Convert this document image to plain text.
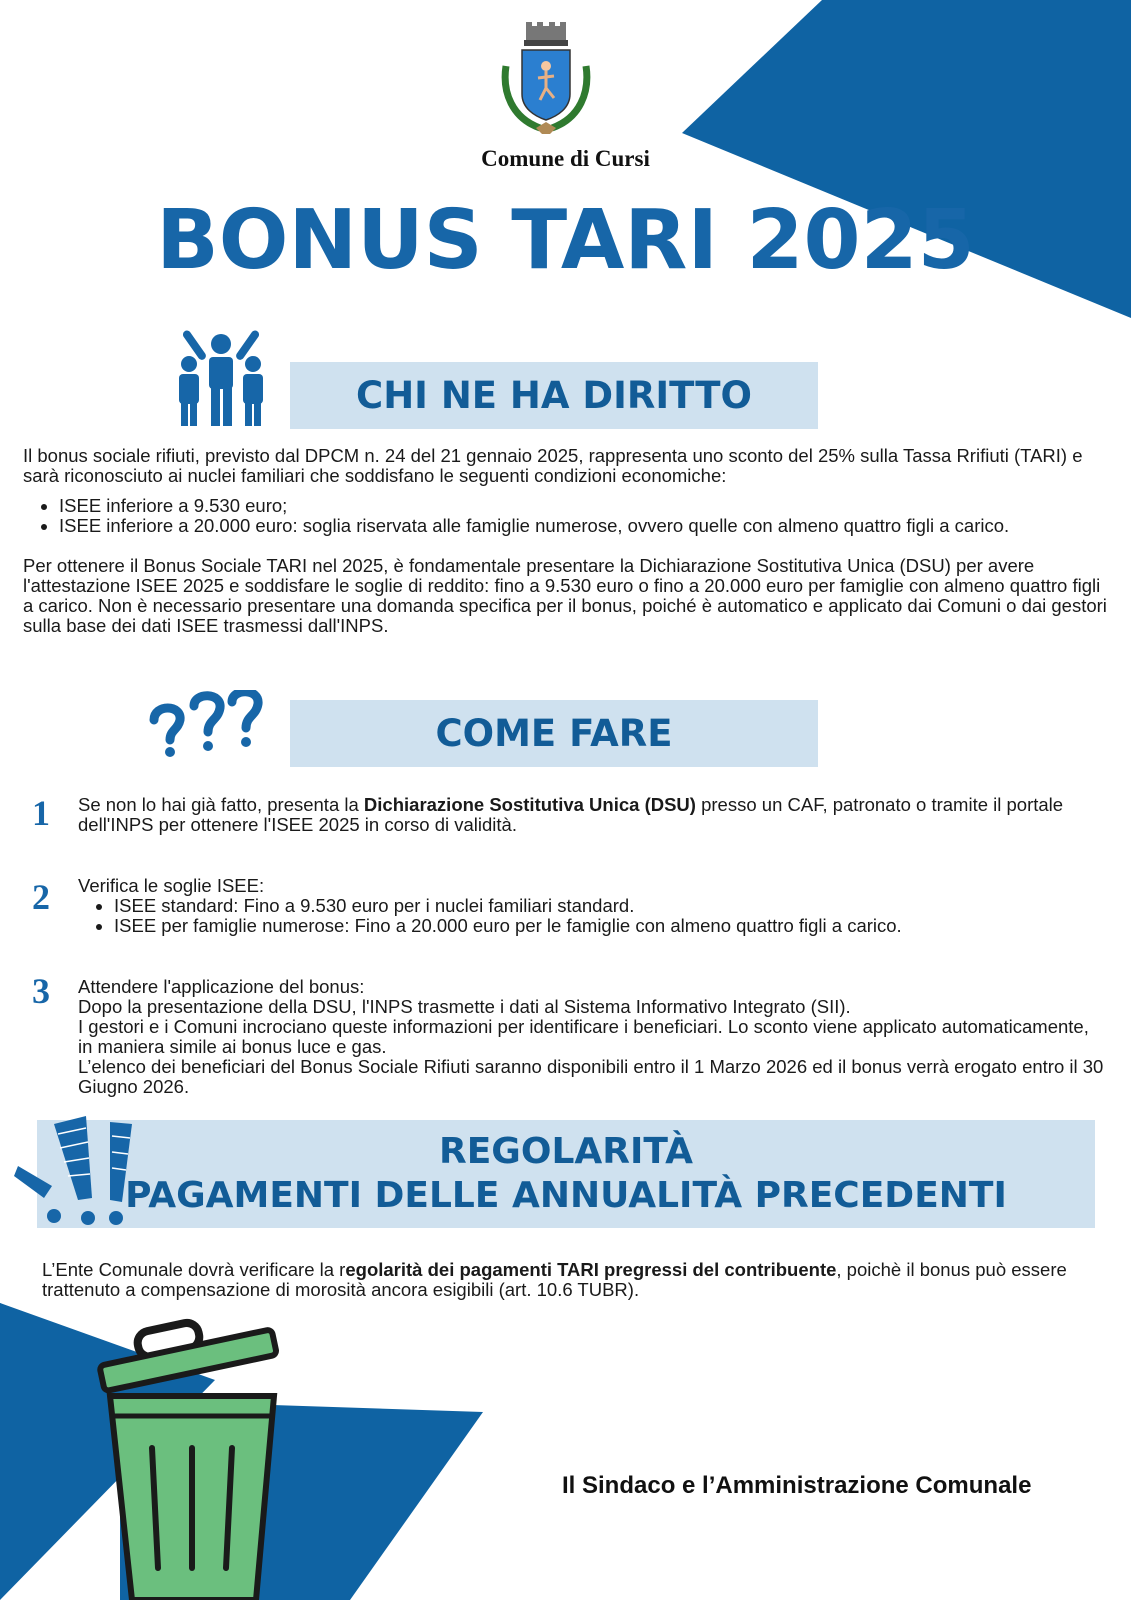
Comune di Cursi
BONUS TARI 2025
CHI NE HA DIRITTO

Il bonus sociale rifiuti, previsto dal DPCM n. 24 del 21 gennaio 2025, rappresenta uno sconto del 25% sulla Tassa Rrifiuti (TARI) e sarà riconosciuto ai nuclei familiari che soddisfano le seguenti condizioni economiche:

• ISEE inferiore a 9.530 euro;
• ISEE inferiore a 20.000 euro: soglia riservata alle famiglie numerose, ovvero quelle con almeno quattro figli a carico.

Per ottenere il Bonus Sociale TARI nel 2025, è fondamentale presentare la Dichiarazione Sostitutiva Unica (DSU) per avere l'attestazione ISEE 2025 e soddisfare le soglie di reddito: fino a 9.530 euro o fino a 20.000 euro per famiglie con almeno quattro figli a carico. Non è necessario presentare una domanda specifica per il bonus, poiché è automatico e applicato dai Comuni o dai gestori sulla base dei dati ISEE trasmessi dall'INPS.

COME FARE
1 Se non lo hai già fatto, presenta la Dichiarazione Sostitutiva Unica (DSU) presso un CAF, patronato o tramite il portale dell'INPS per ottenere l'ISEE 2025 in corso di validità.
2 Verifica le soglie ISEE:
• ISEE standard: Fino a 9.530 euro per i nuclei familiari standard.
• ISEE per famiglie numerose: Fino a 20.000 euro per le famiglie con almeno quattro figli a carico.
3 Attendere l'applicazione del bonus:
Dopo la presentazione della DSU, l'INPS trasmette i dati al Sistema Informativo Integrato (SII).
I gestori e i Comuni incrociano queste informazioni per identificare i beneficiari. Lo sconto viene applicato automaticamente, in maniera simile ai bonus luce e gas.
L’elenco dei beneficiari del Bonus Sociale Rifiuti saranno disponibili entro il 1 Marzo 2026 ed il bonus verrà erogato entro il 30 Giugno 2026.
REGOLARITÀ
PAGAMENTI DELLE ANNUALITÀ PRECEDENTI
L’Ente Comunale dovrà verificare la regolarità dei pagamenti TARI pregressi del contribuente, poichè il bonus può essere trattenuto a compensazione di morosità ancora esigibili (art. 10.6 TUBR).
Il Sindaco e l’Amministrazione Comunale
